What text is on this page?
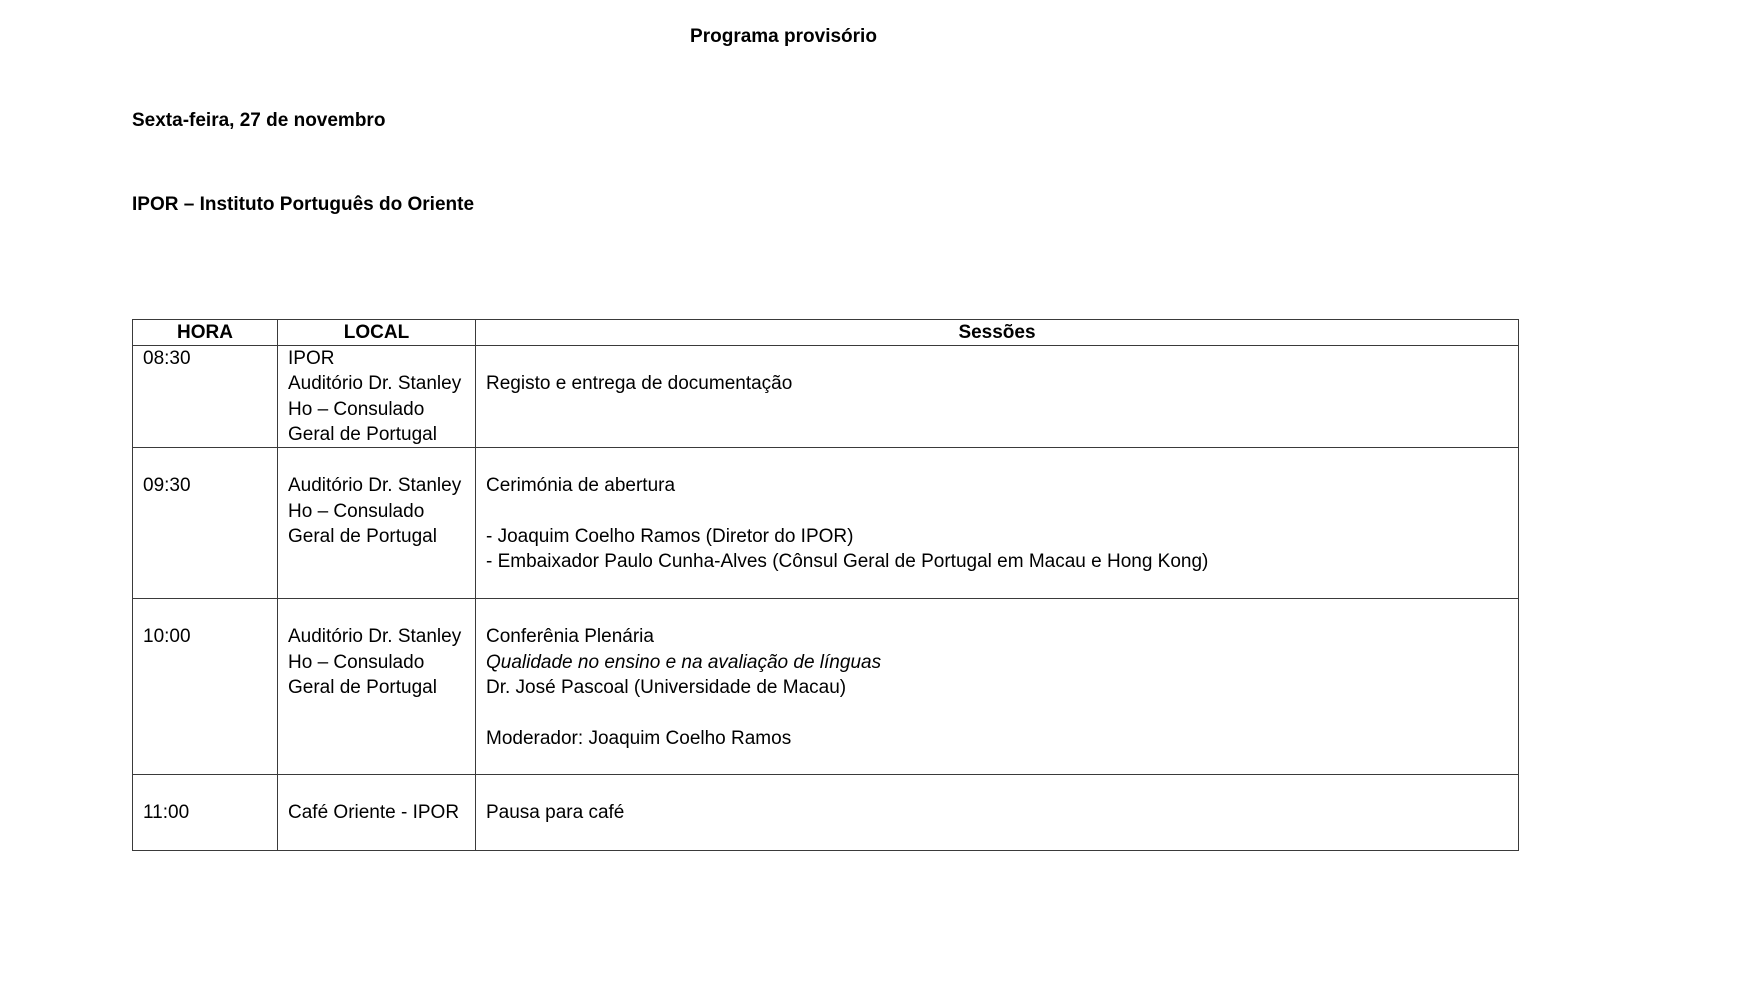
Programa provisório
Sexta-feira, 27 de novembro
IPOR – Instituto Português do Oriente
HORA	LOCAL	Sessões

08:30	IPOR
Auditório Dr. Stanley
Ho – Consulado
Geral de Portugal	Registo e entrega de documentação

09:30	Auditório Dr. Stanley
Ho – Consulado
Geral de Portugal	Cerimónia de abertura
- Joaquim Coelho Ramos (Diretor do IPOR)
- Embaixador Paulo Cunha-Alves (Cônsul Geral de Portugal em Macau e Hong Kong)

10:00	Auditório Dr. Stanley
Ho – Consulado
Geral de Portugal	Conferênia Plenária
Qualidade no ensino e na avaliação de línguas
Dr. José Pascoal (Universidade de Macau)
Moderador: Joaquim Coelho Ramos

11:00	Café Oriente - IPOR	Pausa para café
